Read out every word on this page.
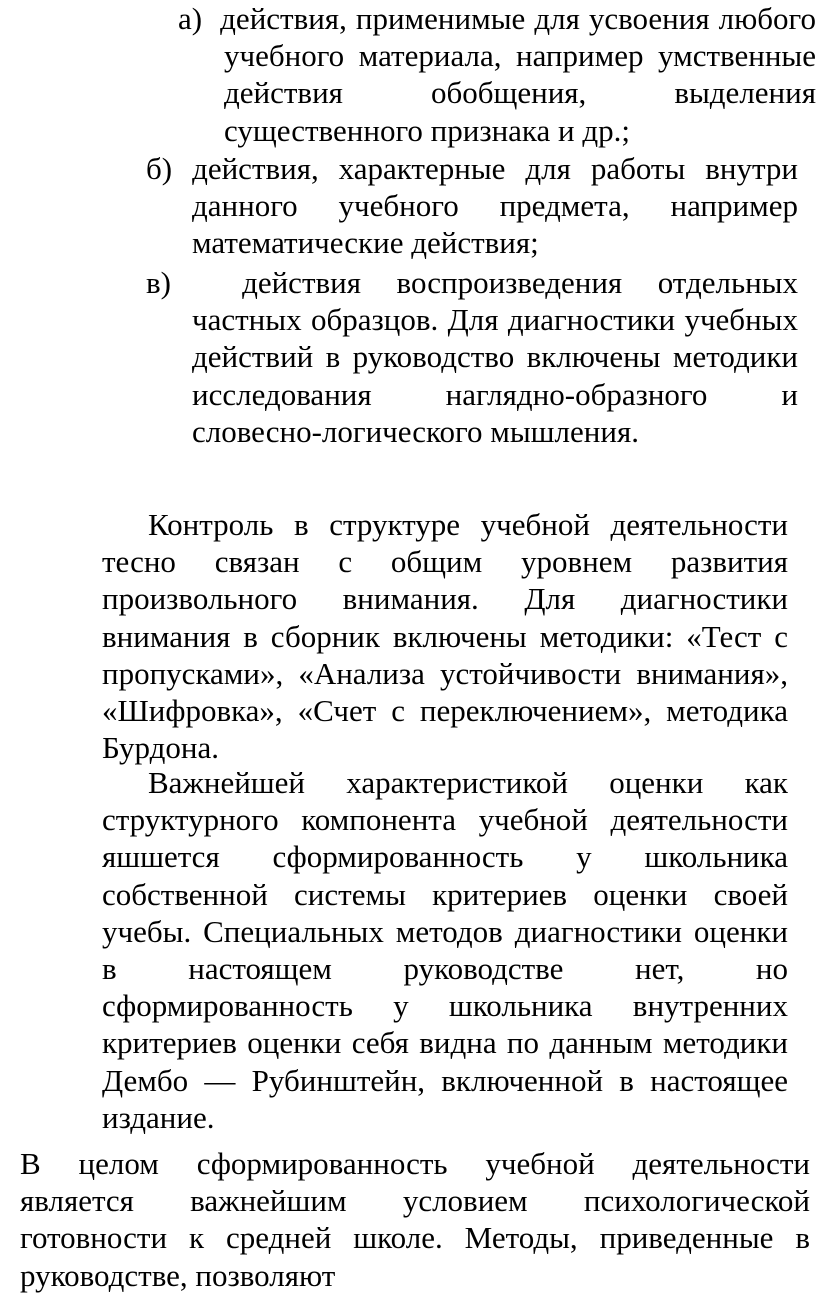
а) действия, применимые для усвоения любого учебного материала, например умственные действия обобщения, выделения существенного признака и др.;
б) действия, характерные для работы внутри данного учебного предмета, например математические действия;
в) действия воспроизведения отдельных частных образцов. Для диагностики учебных действий в руководство включены методики исследования наглядно-образного и словесно-логического мышления.

Контроль в структуре учебной деятельности тесно связан с общим уровнем развития произвольного внимания. Для диагностики внимания в сборник включены методики: «Тест с пропусками», «Анализа устойчивости внимания», «Шифровка», «Счет с переключением», методика Бурдона.

Важнейшей характеристикой оценки как структурного компонента учебной деятельности яшшется сформированность у школьника собственной системы критериев оценки своей учебы. Специальных методов диагностики оценки в настоящем руководстве нет, но сформированность у школьника внутренних критериев оценки себя видна по данным методики Дембо — Рубинштейн, включенной в настоящее издание.

В целом сформированность учебной деятельности является важнейшим условием психологической готовности к средней школе. Методы, приведенные в руководстве, позволяют
